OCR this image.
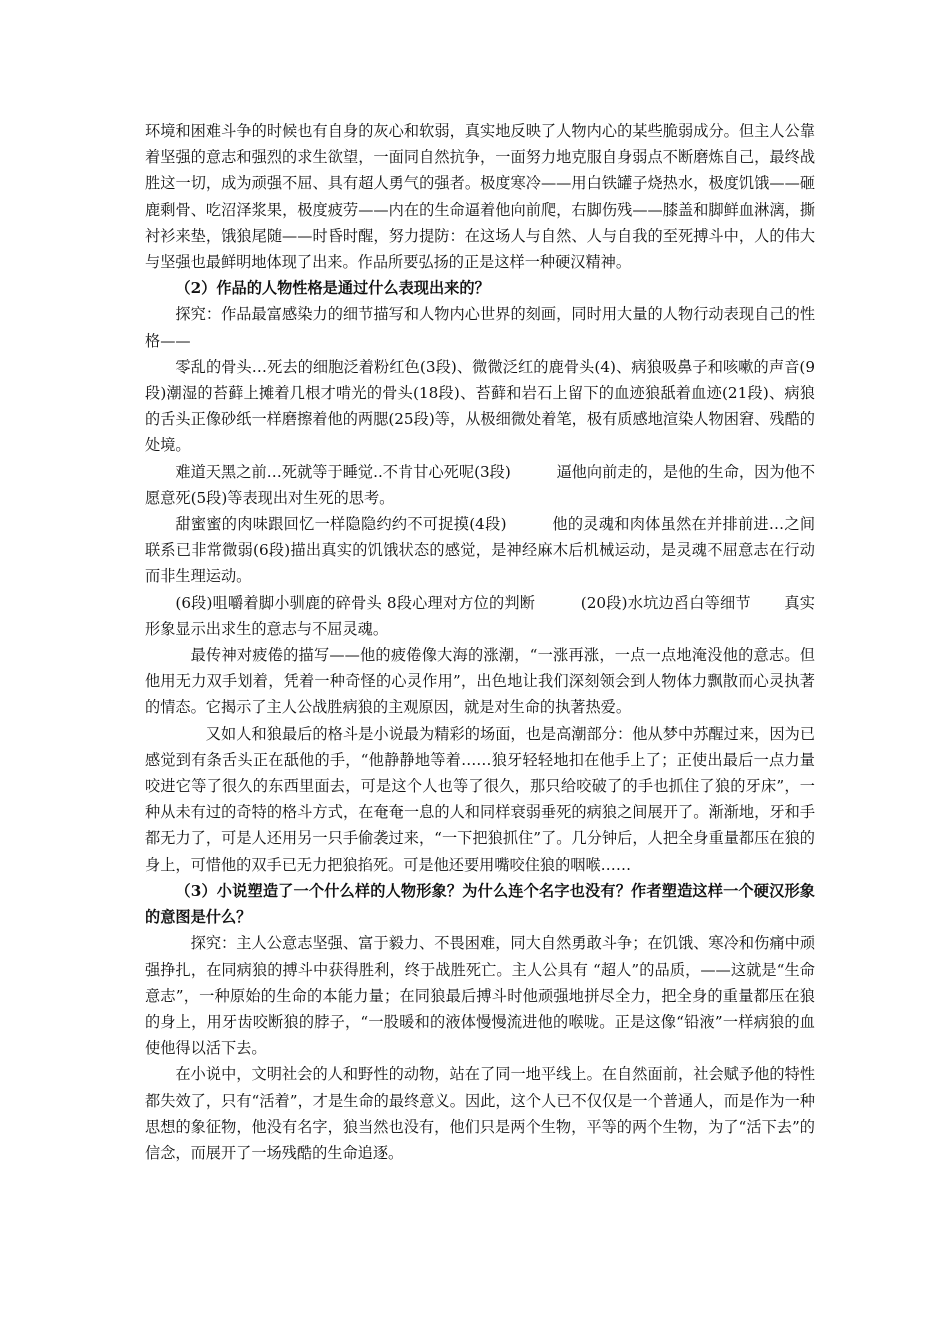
环境和困难斗争的时候也有自身的灰心和软弱，真实地反映了人物内心的某些脆弱成分。但主人公靠着坚强的意志和强烈的求生欲望，一面同自然抗争，一面努力地克服自身弱点不断磨炼自己，最终战胜这一切，成为顽强不屈、具有超人勇气的强者。极度寒冷——用白铁罐子烧热水，极度饥饿——砸鹿剩骨、吃沼泽浆果，极度疲劳——内在的生命逼着他向前爬，右脚伤残——膝盖和脚鲜血淋漓，撕衬衫来垫，饿狼尾随——时昏时醒，努力提防：在这场人与自然、人与自我的至死搏斗中，人的伟大与坚强也最鲜明地体现了出来。作品所要弘扬的正是这样一种硬汉精神。

（2）作品的人物性格是通过什么表现出来的？

探究：作品最富感染力的细节描写和人物内心世界的刻画，同时用大量的人物行动表现自己的性格——

零乱的骨头…死去的细胞泛着粉红色(3段)、微微泛红的鹿骨头(4)、病狼吸鼻子和咳嗽的声音(9段)潮湿的苔藓上摊着几根才啃光的骨头(18段)、苔藓和岩石上留下的血迹狼舐着血迹(21段)、病狼的舌头正像砂纸一样磨擦着他的两腮(25段)等，从极细微处着笔，极有质感地渲染人物困窘、残酷的处境。

难道天黑之前…死就等于睡觉..不肯甘心死呢(3段)	逼他向前走的，是他的生命，因为他不愿意死(5段)等表现出对生死的思考。

甜蜜蜜的肉味跟回忆一样隐隐约约不可捉摸(4段)	他的灵魂和肉体虽然在并排前进…之间联系已非常微弱(6段)描出真实的饥饿状态的感觉，是神经麻木后机械运动，是灵魂不屈意志在行动而非生理运动。

(6段)咀嚼着脚小驯鹿的碎骨头 8段心理对方位的判断	(20段)水坑边舀白等细节 真实形象显示出求生的意志与不屈灵魂。

最传神对疲倦的描写——他的疲倦像大海的涨潮，“一涨再涨，一点一点地淹没他的意志。但他用无力双手划着，凭着一种奇怪的心灵作用”，出色地让我们深刻领会到人物体力飘散而心灵执著的情态。它揭示了主人公战胜病狼的主观原因，就是对生命的执著热爱。

又如人和狼最后的格斗是小说最为精彩的场面，也是高潮部分：他从梦中苏醒过来，因为已感觉到有条舌头正在舐他的手，“他静静地等着……狼牙轻轻地扣在他手上了；正使出最后一点力量咬进它等了很久的东西里面去，可是这个人也等了很久，那只给咬破了的手也抓住了狼的牙床”，一种从未有过的奇特的格斗方式，在奄奄一息的人和同样衰弱垂死的病狼之间展开了。渐渐地，牙和手都无力了，可是人还用另一只手偷袭过来，“一下把狼抓住”了。几分钟后，人把全身重量都压在狼的身上，可惜他的双手已无力把狼掐死。可是他还要用嘴咬住狼的咽喉……

（3）小说塑造了一个什么样的人物形象？为什么连个名字也没有？作者塑造这样一个硬汉形象的意图是什么？

探究：主人公意志坚强、富于毅力、不畏困难，同大自然勇敢斗争；在饥饿、寒冷和伤痛中顽强挣扎，在同病狼的搏斗中获得胜利，终于战胜死亡。主人公具有 “超人”的品质，——这就是“生命意志”，一种原始的生命的本能力量；在同狼最后搏斗时他顽强地拼尽全力，把全身的重量都压在狼的身上，用牙齿咬断狼的脖子，“一股暖和的液体慢慢流进他的喉咙。正是这像“铅液”一样病狼的血使他得以活下去。

在小说中，文明社会的人和野性的动物，站在了同一地平线上。在自然面前，社会赋予他的特性都失效了，只有“活着”，才是生命的最终意义。因此，这个人已不仅仅是一个普通人，而是作为一种思想的象征物，他没有名字，狼当然也没有，他们只是两个生物，平等的两个生物，为了“活下去”的信念，而展开了一场残酷的生命追逐。
